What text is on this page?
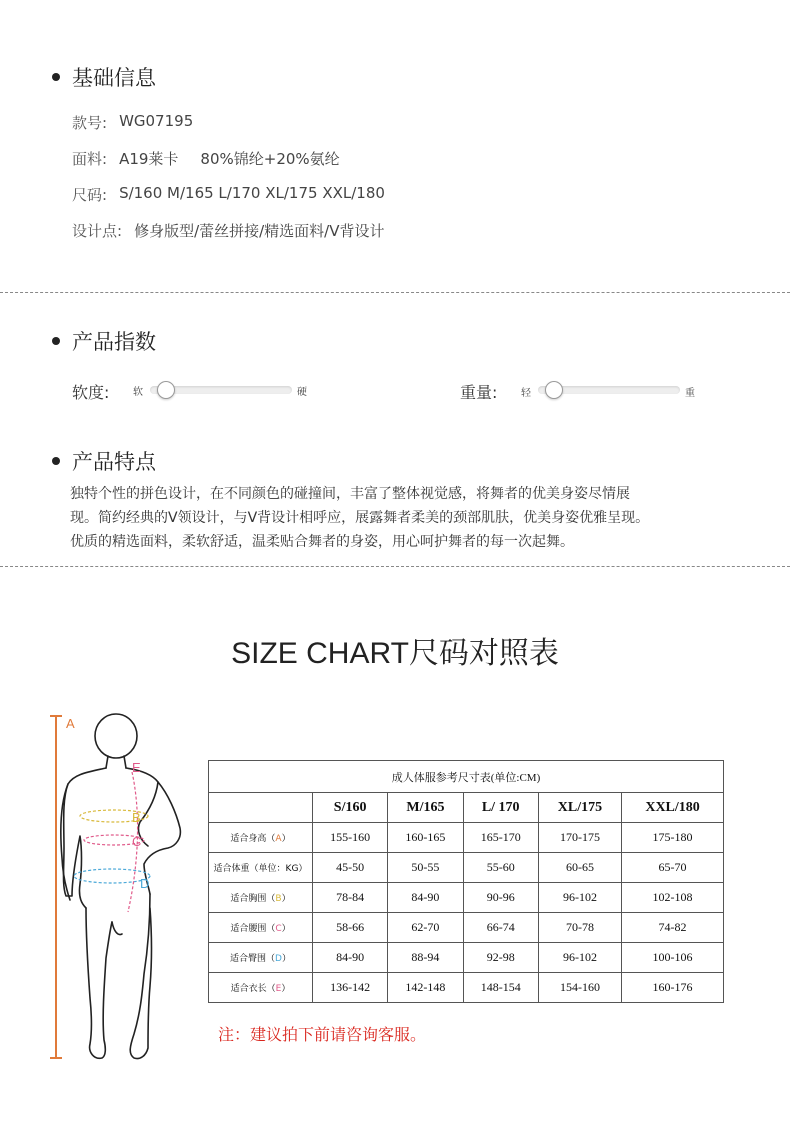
基础信息
款号: WG07195
面料: A19莱卡 80%锦纶+20%氨纶
尺码: S/160 M/165 L/170 XL/175 XXL/180
设计点: 修身版型/蕾丝拼接/精选面料/V背设计
产品指数
软度: 软	硬	重量: 轻	重
产品特点

独特个性的拼色设计，在不同颜色的碰撞间，丰富了整体视觉感，将舞者的优美身姿尽情展

现。简约经典的V领设计，与V背设计相呼应，展露舞者柔美的颈部肌肤，优美身姿优雅呈现。

优质的精选面料，柔软舒适，温柔贴合舞者的身姿，用心呵护舞者的每一次起舞。

SIZE CHART尺码对照表
A
E
B
C
D
成人体服参考尺寸表(单位:CM)					
	S/160	M/165	L/ 170	XL/175	XXL/180
适合身高（A）	155-160	160-165	165-170	170-175	175-180
适合体重（单位：KG）	45-50	50-55	55-60	60-65	65-70
适合胸围（B）	78-84	84-90	90-96	96-102	102-108
适合腰围（C）	58-66	62-70	66-74	70-78	74-82
适合臀围（D）	84-90	88-94	92-98	96-102	100-106
适合衣长（E）	136-142	142-148	148-154	154-160	160-176
注：建议拍下前请咨询客服。
